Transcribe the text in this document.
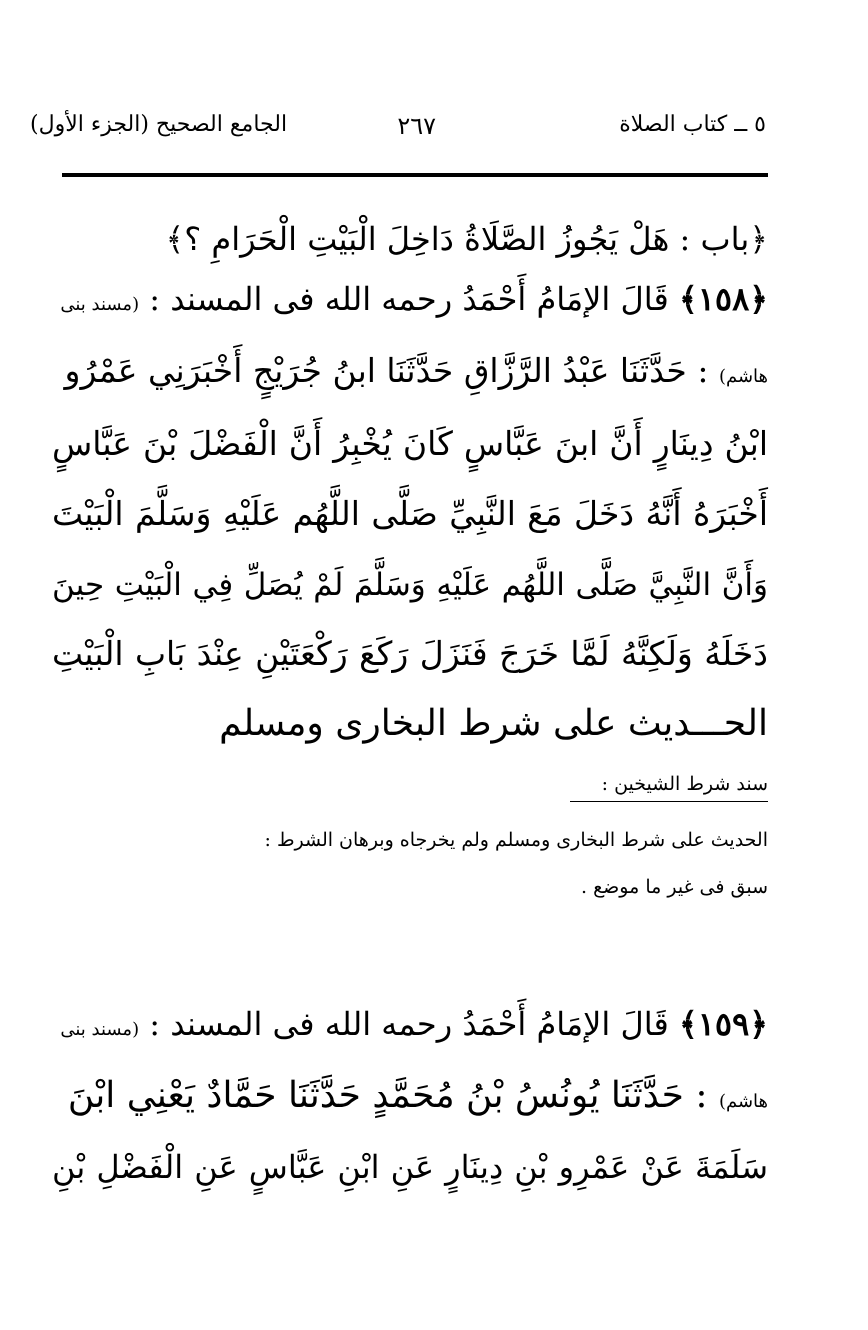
٥ ــ كتاب الصلاة
٢٦٧
الجامع الصحيح (الجزء الأول)
﴿باب : هَلْ يَجُوزُ الصَّلَاةُ دَاخِلَ الْبَيْتِ الْحَرَامِ ؟﴾
﴿١٥٨﴾ قَالَ الإمَامُ أَحْمَدُ رحمه الله فى المسند : (مسند بنى
هاشم) : حَدَّثَنَا عَبْدُ الرَّزَّاقِ حَدَّثَنَا ابنُ جُرَيْجٍ أَخْبَرَنِي عَمْرُو
ابْنُ دِينَارٍ أَنَّ ابنَ عَبَّاسٍ كَانَ يُخْبِرُ أَنَّ الْفَضْلَ بْنَ عَبَّاسٍ
أَخْبَرَهُ أَنَّهُ دَخَلَ مَعَ النَّبِيِّ صَلَّى اللَّهُم عَلَيْهِ وَسَلَّمَ الْبَيْتَ
وَأَنَّ النَّبِيَّ صَلَّى اللَّهُم عَلَيْهِ وَسَلَّمَ لَمْ يُصَلِّ فِي الْبَيْتِ حِينَ
دَخَلَهُ وَلَكِنَّهُ لَمَّا خَرَجَ فَنَزَلَ رَكَعَ رَكْعَتَيْنِ عِنْدَ بَابِ الْبَيْتِ
الحـــديث على شرط البخارى ومسلم
سند شرط الشيخين :
الحديث على شرط البخارى ومسلم ولم يخرجاه وبرهان الشرط :
سبق فى غير ما موضع .
﴿١٥٩﴾ قَالَ الإمَامُ أَحْمَدُ رحمه الله فى المسند : (مسند بنى
هاشم) : حَدَّثَنَا يُونُسُ بْنُ مُحَمَّدٍ حَدَّثَنَا حَمَّادٌ يَعْنِي ابْنَ
سَلَمَةَ عَنْ عَمْرِو بْنِ دِينَارٍ عَنِ ابْنِ عَبَّاسٍ عَنِ الْفَضْلِ بْنِ
